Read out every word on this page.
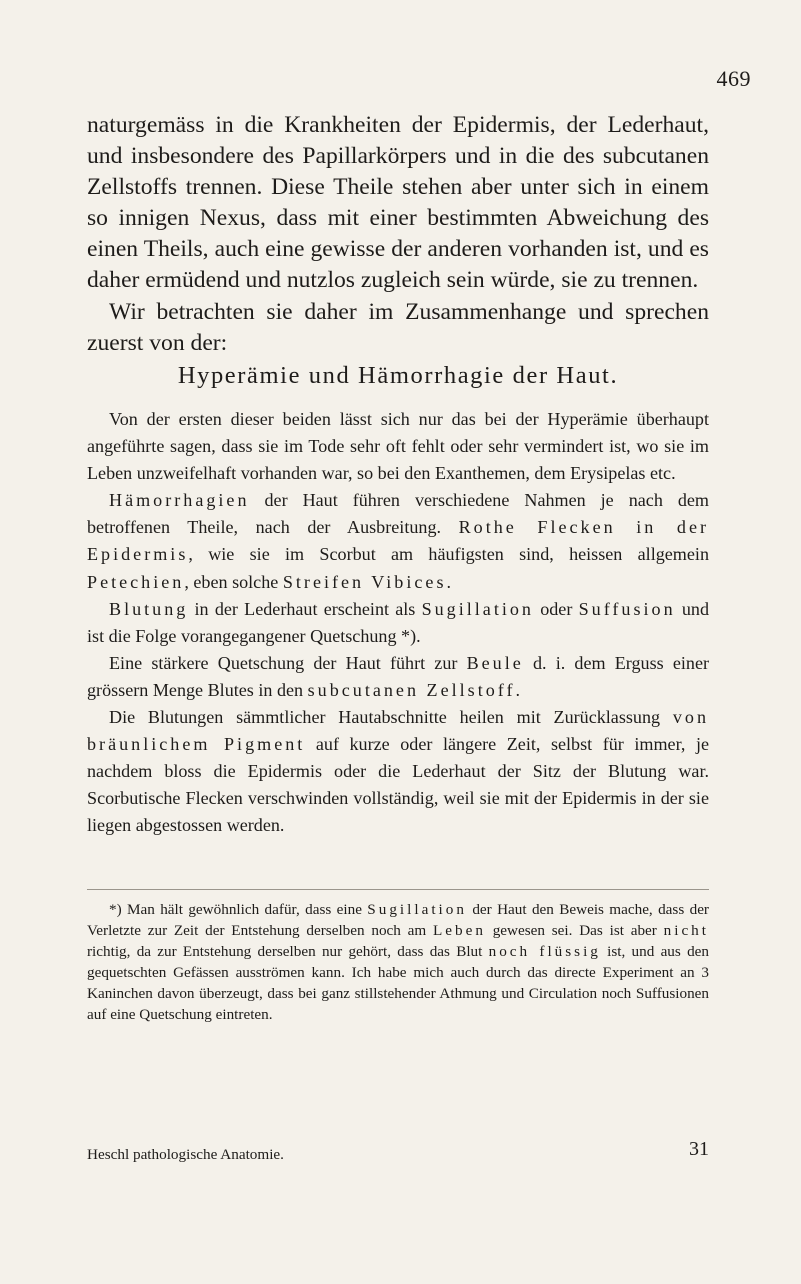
469

naturgemäss in die Krankheiten der Epidermis, der Lederhaut, und insbesondere des Papillarkörpers und in die des subcutanen Zellstoffs trennen. Diese Theile stehen aber unter sich in einem so innigen Nexus, dass mit einer bestimmten Abweichung des einen Theils, auch eine gewisse der anderen vorhanden ist, und es daher ermüdend und nutzlos zugleich sein würde, sie zu trennen.

Wir betrachten sie daher im Zusammenhange und sprechen zuerst von der:

Hyperämie und Hämorrhagie der Haut.

Von der ersten dieser beiden lässt sich nur das bei der Hyperämie überhaupt angeführte sagen, dass sie im Tode sehr oft fehlt oder sehr vermindert ist, wo sie im Leben unzweifelhaft vorhanden war, so bei den Exanthemen, dem Erysipelas etc.

Hämorrhagien der Haut führen verschiedene Nahmen je nach dem betroffenen Theile, nach der Ausbreitung. Rothe Flecken in der Epidermis, wie sie im Scorbut am häufigsten sind, heissen allgemein Petechien, eben solche Streifen Vibices.

Blutung in der Lederhaut erscheint als Sugillation oder Suffusion und ist die Folge vorangegangener Quetschung *).

Eine stärkere Quetschung der Haut führt zur Beule d. i. dem Erguss einer grössern Menge Blutes in den subcutanen Zellstoff.

Die Blutungen sämmtlicher Hautabschnitte heilen mit Zurücklassung von bräunlichem Pigment auf kurze oder längere Zeit, selbst für immer, je nachdem bloss die Epidermis oder die Lederhaut der Sitz der Blutung war. Scorbutische Flecken verschwinden vollständig, weil sie mit der Epidermis in der sie liegen abgestossen werden.

*) Man hält gewöhnlich dafür, dass eine Sugillation der Haut den Beweis mache, dass der Verletzte zur Zeit der Entstehung derselben noch am Leben gewesen sei. Das ist aber nicht richtig, da zur Entstehung derselben nur gehört, dass das Blut noch flüssig ist, und aus den gequetschten Gefässen ausströmen kann. Ich habe mich auch durch das directe Experiment an 3 Kaninchen davon überzeugt, dass bei ganz stillstehender Athmung und Circulation noch Suffusionen auf eine Quetschung eintreten.

Heschl pathologische Anatomie.	31
